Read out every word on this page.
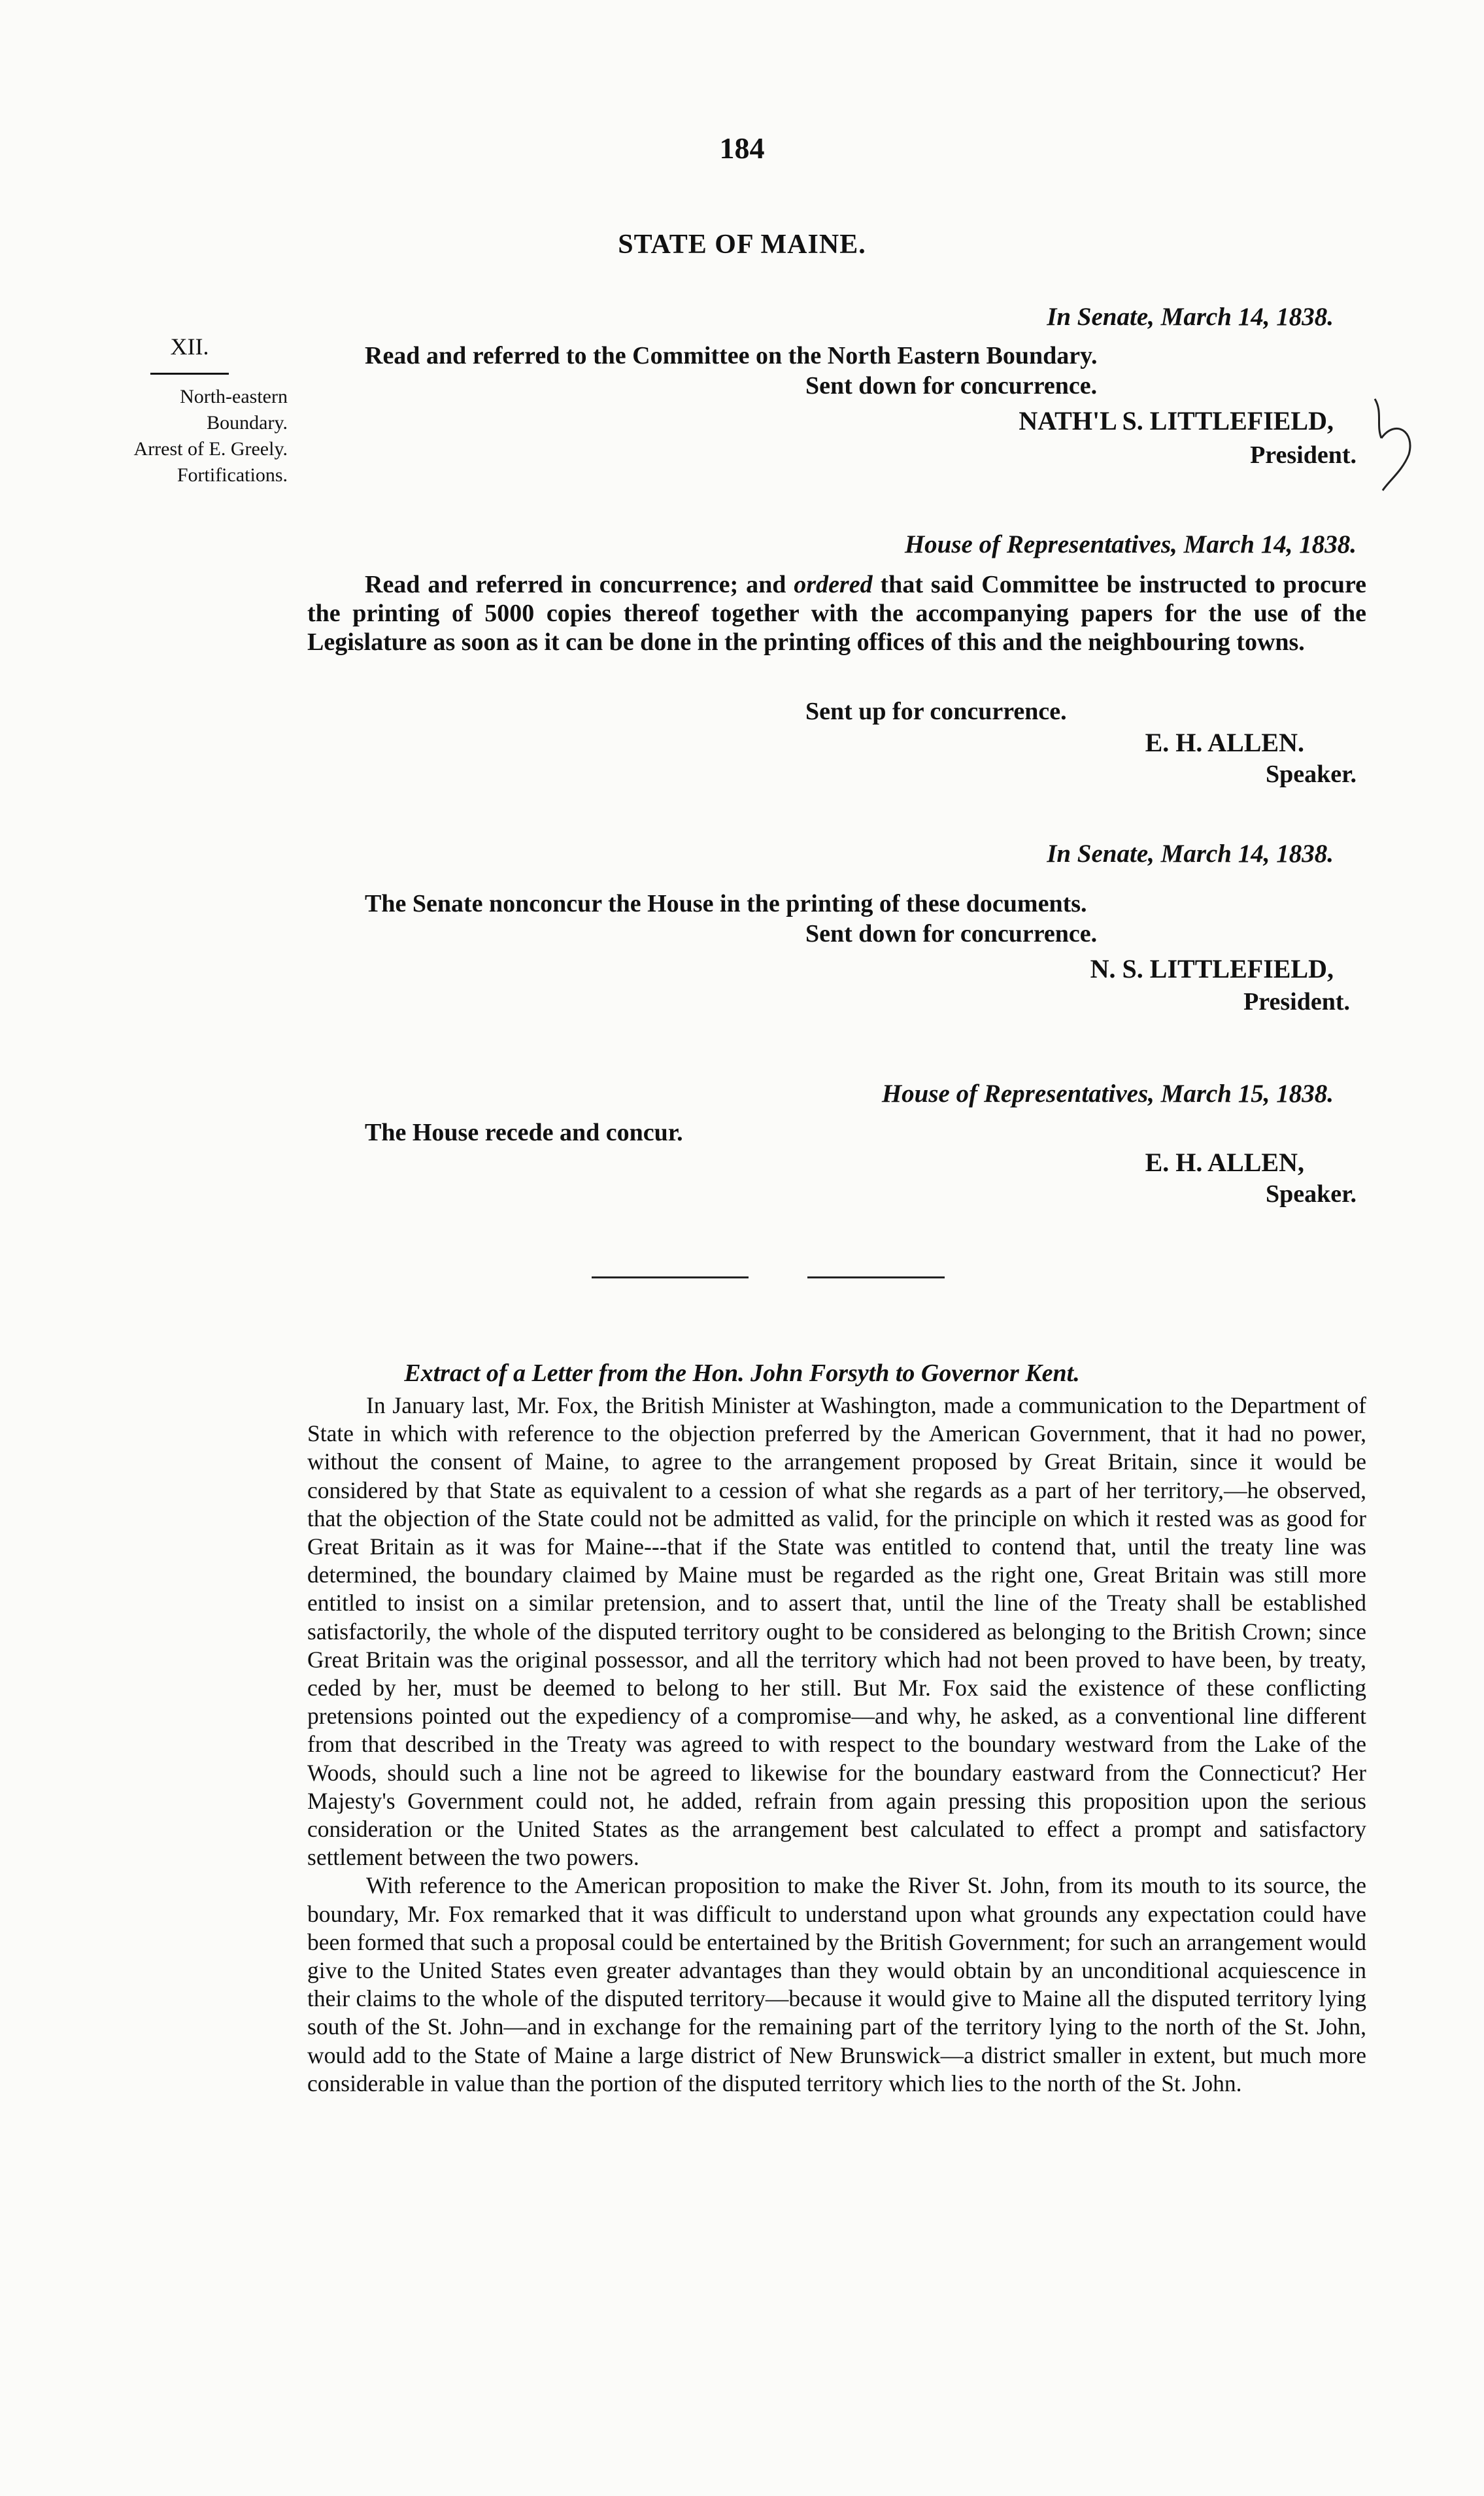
184
STATE OF MAINE.
XII.
North-eastern
Boundary.
Arrest of E. Greely.
Fortifications.
In Senate, March 14, 1838.
Read and referred to the Committee on the North Eastern Boundary.
Sent down for concurrence.
NATH'L S. LITTLEFIELD,
President.
House of Representatives, March 14, 1838.
Read and referred in concurrence; and ordered that said Committee be instructed to procure the printing of 5000 copies thereof together with the accompanying papers for the use of the Legislature as soon as it can be done in the printing offices of this and the neighbouring towns.
Sent up for concurrence.
E. H. ALLEN.
Speaker.
In Senate, March 14, 1838.
The Senate nonconcur the House in the printing of these documents.
Sent down for concurrence.
N. S. LITTLEFIELD,
President.
House of Representatives, March 15, 1838.
The House recede and concur.
E. H. ALLEN,
Speaker.
Extract of a Letter from the Hon. John Forsyth to Governor Kent.

In January last, Mr. Fox, the British Minister at Washington, made a communication to the Department of State in which with reference to the objection preferred by the American Government, that it had no power, without the consent of Maine, to agree to the arrangement proposed by Great Britain, since it would be considered by that State as equivalent to a cession of what she regards as a part of her territory,—he observed, that the objection of the State could not be admitted as valid, for the principle on which it rested was as good for Great Britain as it was for Maine---that if the State was entitled to contend that, until the treaty line was determined, the boundary claimed by Maine must be regarded as the right one, Great Britain was still more entitled to insist on a similar pretension, and to assert that, until the line of the Treaty shall be established satisfactorily, the whole of the disputed territory ought to be considered as belonging to the British Crown; since Great Britain was the original possessor, and all the territory which had not been proved to have been, by treaty, ceded by her, must be deemed to belong to her still. But Mr. Fox said the existence of these conflicting pretensions pointed out the expediency of a compromise—and why, he asked, as a conventional line different from that described in the Treaty was agreed to with respect to the boundary westward from the Lake of the Woods, should such a line not be agreed to likewise for the boundary eastward from the Connecticut? Her Majesty's Government could not, he added, refrain from again pressing this proposition upon the serious consideration or the United States as the arrangement best calculated to effect a prompt and satisfactory settlement between the two powers.

With reference to the American proposition to make the River St. John, from its mouth to its source, the boundary, Mr. Fox remarked that it was difficult to understand upon what grounds any expectation could have been formed that such a proposal could be entertained by the British Government; for such an arrangement would give to the United States even greater advantages than they would obtain by an unconditional acquiescence in their claims to the whole of the disputed territory—because it would give to Maine all the disputed territory lying south of the St. John—and in exchange for the remaining part of the territory lying to the north of the St. John, would add to the State of Maine a large district of New Brunswick—a district smaller in extent, but much more considerable in value than the portion of the disputed territory which lies to the north of the St. John.
